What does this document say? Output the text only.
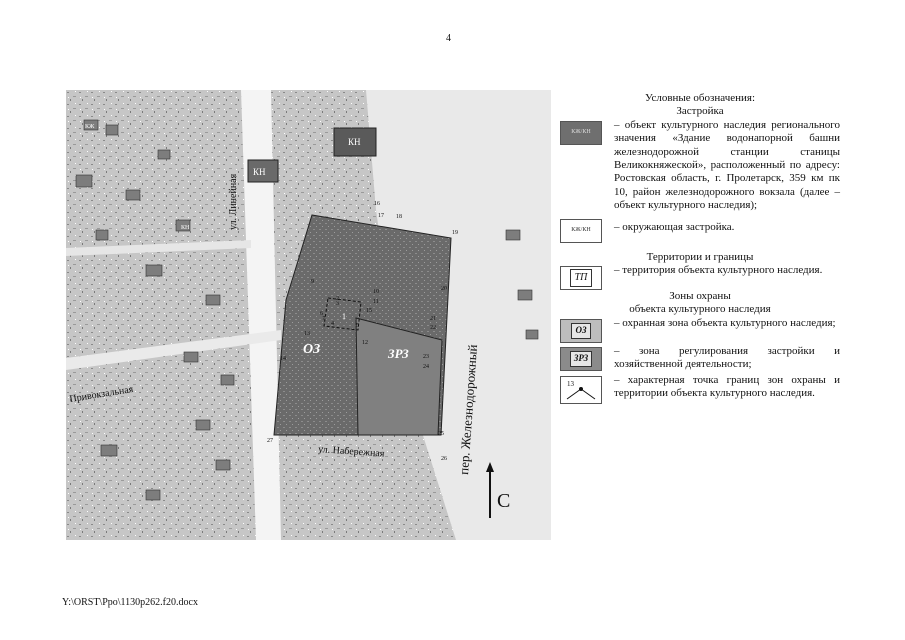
4
КН
КН
КЖ
КН	ул. Линейная
Привокзальная
ул. Набережная	пер. Железнодорожный
ОЗ	ЗРЗ
1
16
17 18
19
20
21
22
23
24
25
26
27
9
10
11
13
14
15
2
3
4	5
6
7
12
С
Условные обозначения:
Застройка
КЖ/КН
– объект культурного наследия регионального значения «Здание водонапорной башни железнодорожной станции станицы Великокняжеской», расположенный по адресу: Ростовская область, г. Пролетарск, 359 км пк 10, район железнодорожного вокзала (далее – объект культурного наследия);
КЖ/КН	– окружающая застройка.
Территории и границы
ТП
– территория объекта культурного наследия.
Зоны охраны
объекта культурного наследия
ОЗ
– охранная зона объекта культурного наследия;
ЗРЗ
– зона регулирования застройки и хозяйственной деятельности;
13	– характерная точка границ зон охраны и территории объекта культурного наследия.
Y:\ORST\Ppo\1130p262.f20.docx
